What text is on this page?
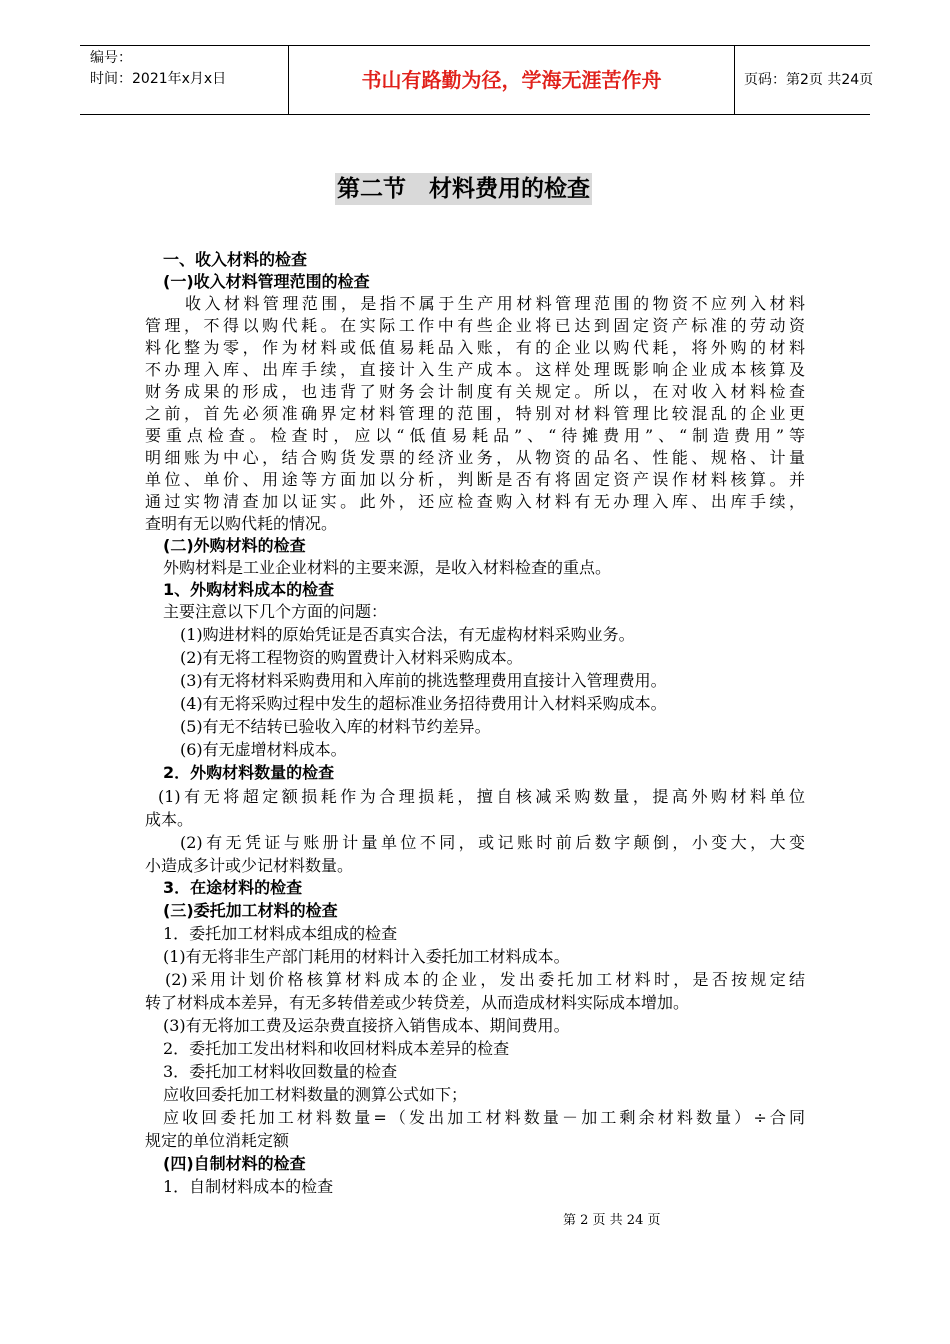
编号：
时间：2021年x月x日	书山有路勤为径，学海无涯苦作舟	页码：第2页 共24页
第二节　材料费用的检查
一、收入材料的检查
(一)收入材料管理范围的检查
收入材料管理范围，是指不属于生产用材料管理范围的物资不应列入材料
管理，不得以购代耗。在实际工作中有些企业将已达到固定资产标准的劳动资
料化整为零，作为材料或低值易耗品入账，有的企业以购代耗，将外购的材料
不办理入库、出库手续，直接计入生产成本。这样处理既影响企业成本核算及
财务成果的形成，也违背了财务会计制度有关规定。所以，在对收入材料检查
之前，首先必须准确界定材料管理的范围，特别对材料管理比较混乱的企业更
要重点检查。检查时，应以“低值易耗品”、“待摊费用”、“制造费用”等
明细账为中心，结合购货发票的经济业务，从物资的品名、性能、规格、计量
单位、单价、用途等方面加以分析，判断是否有将固定资产误作材料核算。并
通过实物清查加以证实。此外，还应检查购入材料有无办理入库、出库手续，
查明有无以购代耗的情况。
(二)外购材料的检查
外购材料是工业企业材料的主要来源，是收入材料检查的重点。
1、外购材料成本的检查
主要注意以下几个方面的问题：
(1)购进材料的原始凭证是否真实合法，有无虚构材料采购业务。
(2)有无将工程物资的购置费计入材料采购成本。
(3)有无将材料采购费用和入库前的挑选整理费用直接计入管理费用。
(4)有无将采购过程中发生的超标准业务招待费用计入材料采购成本。
(5)有无不结转已验收入库的材料节约差异。
(6)有无虚增材料成本。
2．外购材料数量的检查
(1)有无将超定额损耗作为合理损耗，擅自核减采购数量，提高外购材料单位
成本。
(2)有无凭证与账册计量单位不同，或记账时前后数字颠倒，小变大，大变
小造成多计或少记材料数量。
3．在途材料的检查
(三)委托加工材料的检查
1．委托加工材料成本组成的检查
(1)有无将非生产部门耗用的材料计入委托加工材料成本。
(2)采用计划价格核算材料成本的企业，发出委托加工材料时，是否按规定结
转了材料成本差异，有无多转借差或少转贷差，从而造成材料实际成本增加。
(3)有无将加工费及运杂费直接挤入销售成本、期间费用。
2．委托加工发出材料和收回材料成本差异的检查
3．委托加工材料收回数量的检查
应收回委托加工材料数量的测算公式如下；
应收回委托加工材料数量=（发出加工材料数量－加工剩余材料数量）÷合同
规定的单位消耗定额
(四)自制材料的检查
1．自制材料成本的检查
第 2 页 共 24 页
